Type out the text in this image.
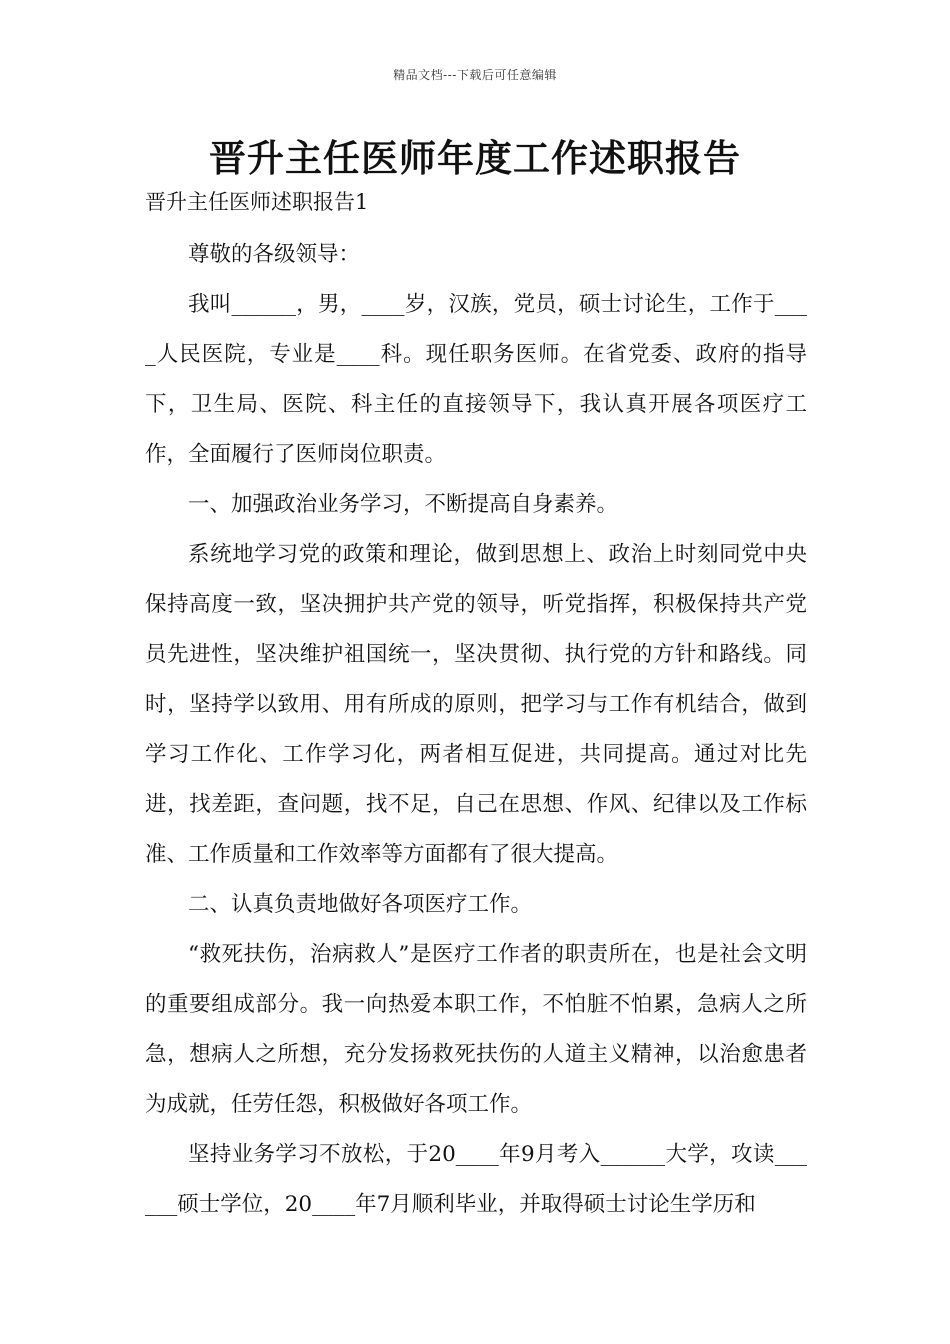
精品文档---下载后可任意编辑
晋升主任医师年度工作述职报告

晋升主任医师述职报告1

尊敬的各级领导：

我叫______，男，____岁，汉族，党员，硕士讨论生，工作于____人民医院，专业是____科。现任职务医师。在省党委、政府的指导下，卫生局、医院、科主任的直接领导下，我认真开展各项医疗工作，全面履行了医师岗位职责。

一、加强政治业务学习，不断提高自身素养。

系统地学习党的政策和理论，做到思想上、政治上时刻同党中央保持高度一致，坚决拥护共产党的领导，听党指挥，积极保持共产党员先进性，坚决维护祖国统一，坚决贯彻、执行党的方针和路线。同时，坚持学以致用、用有所成的原则，把学习与工作有机结合，做到学习工作化、工作学习化，两者相互促进，共同提高。通过对比先进，找差距，查问题，找不足，自己在思想、作风、纪律以及工作标准、工作质量和工作效率等方面都有了很大提高。

二、认真负责地做好各项医疗工作。

“救死扶伤，治病救人”是医疗工作者的职责所在，也是社会文明的重要组成部分。我一向热爱本职工作，不怕脏不怕累，急病人之所急，想病人之所想，充分发扬救死扶伤的人道主义精神，以治愈患者为成就，任劳任怨，积极做好各项工作。

坚持业务学习不放松，于20____年9月考入______大学，攻读______硕士学位，20____年7月顺利毕业，并取得硕士讨论生学历和
